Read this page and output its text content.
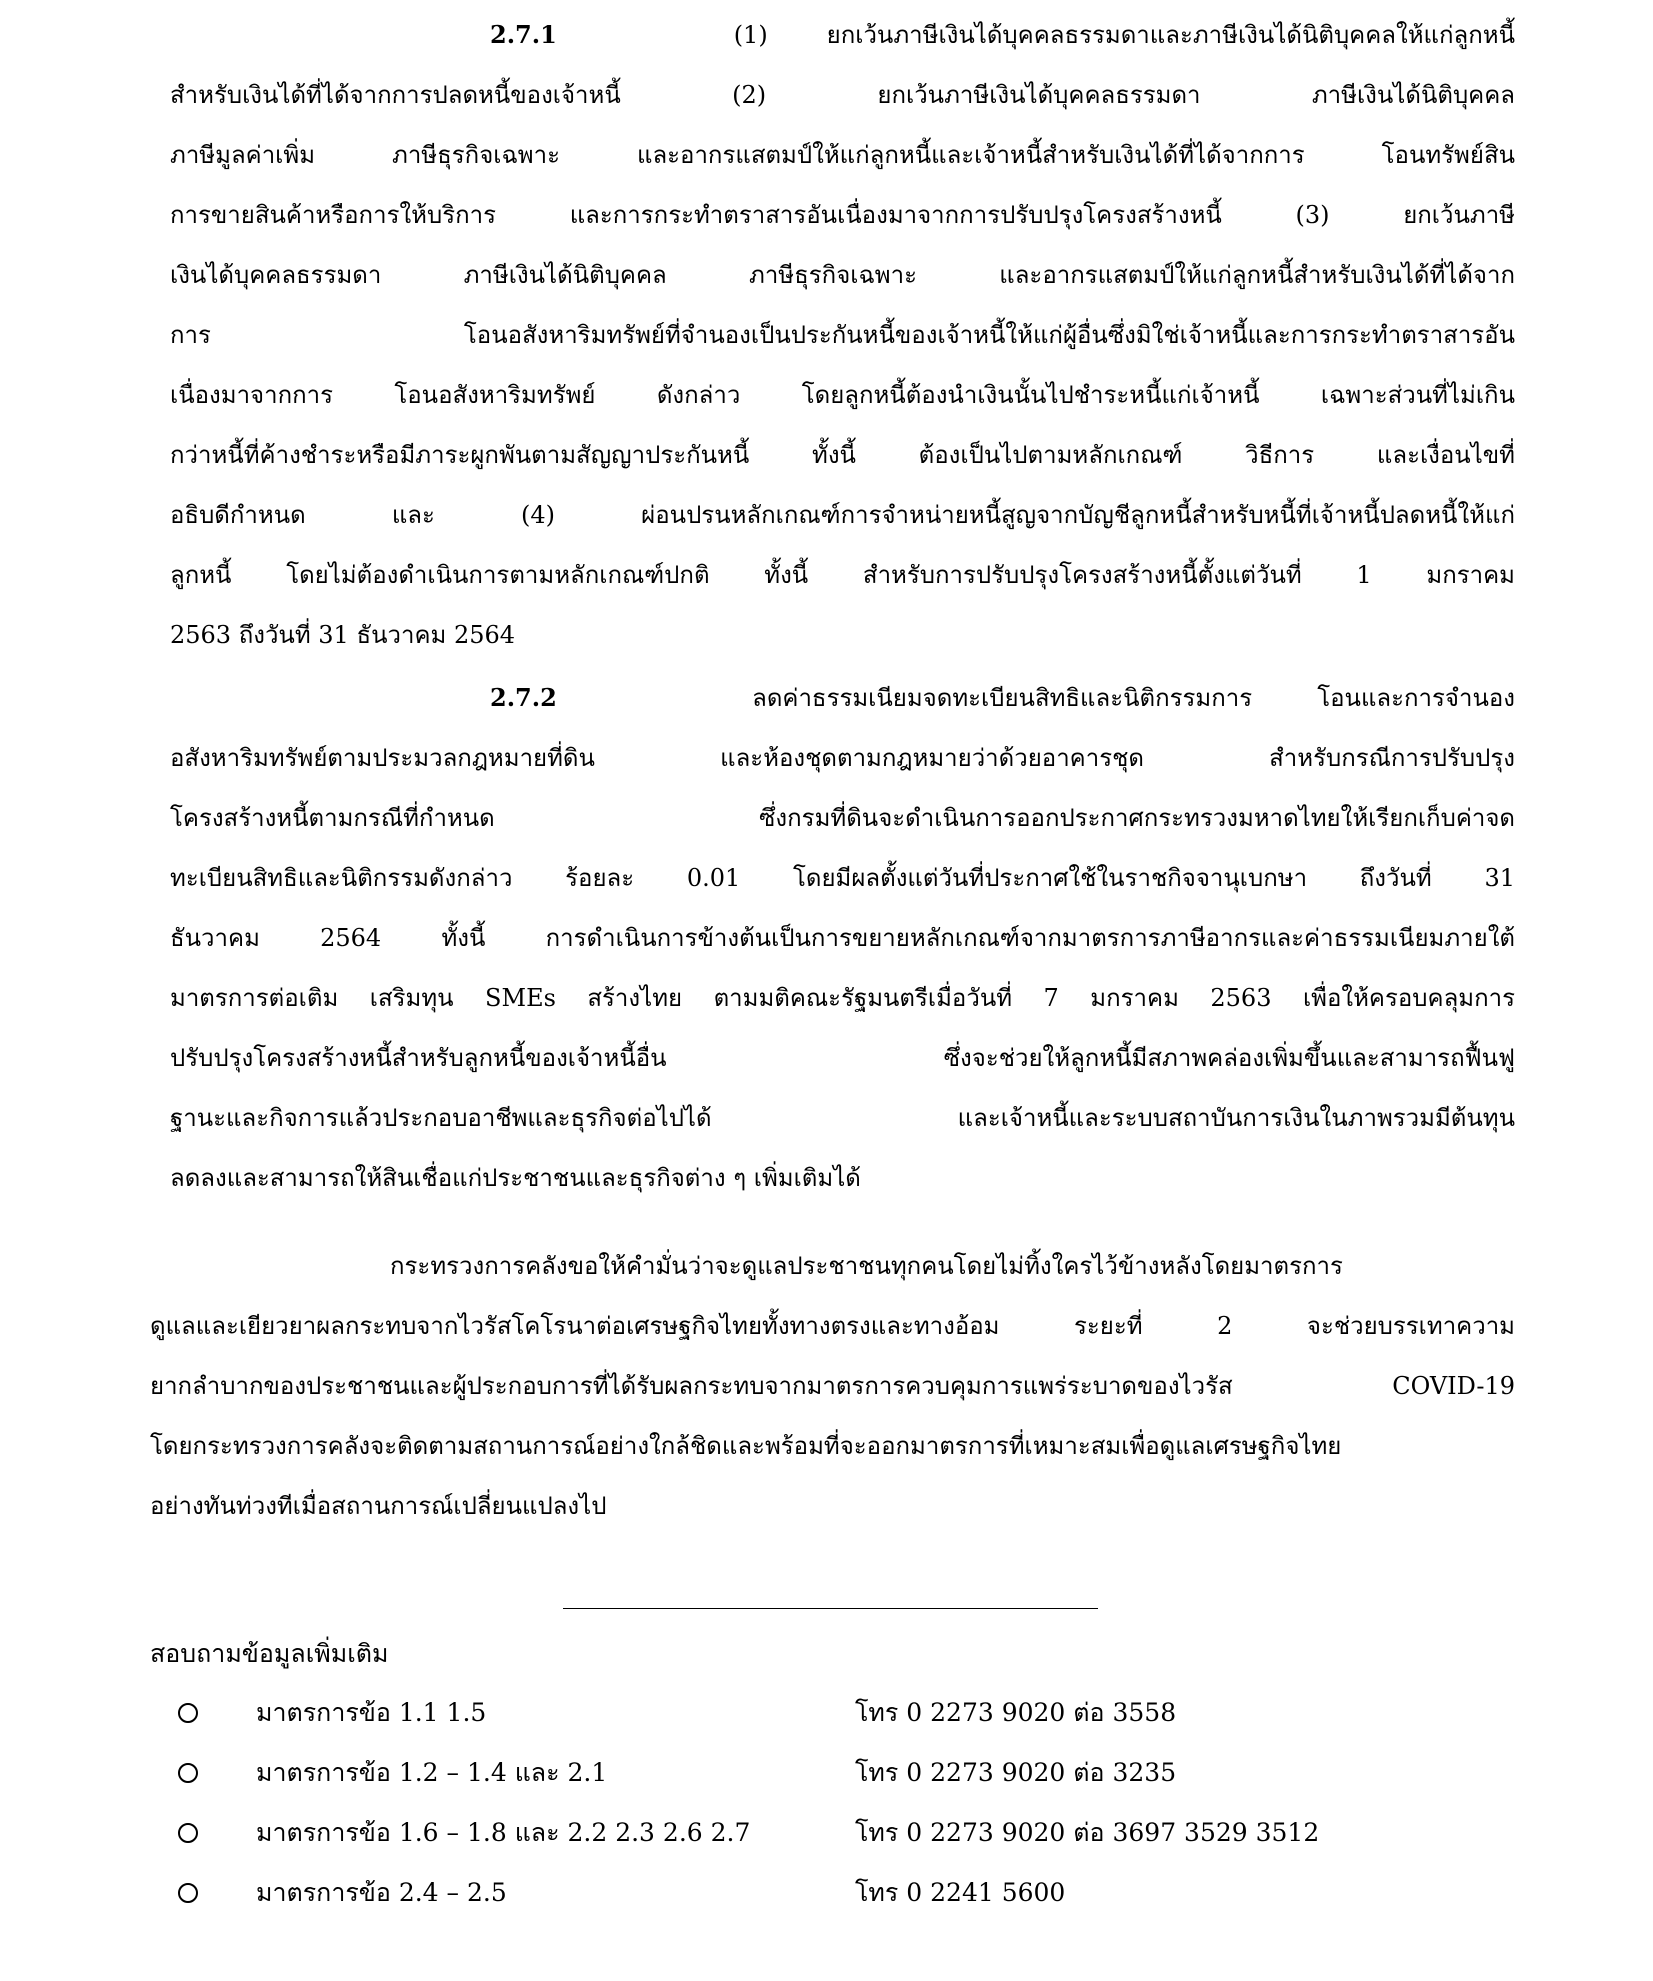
2.7.1	(1) ยกเว้นภาษีเงินได้บุคคลธรรมดาและภาษีเงินได้นิติบุคคลให้แก่ลูกหนี้
สำหรับเงินได้ที่ได้จากการปลดหนี้ของเจ้าหนี้ (2) ยกเว้นภาษีเงินได้บุคคลธรรมดา ภาษีเงินได้นิติบุคคล
ภาษีมูลค่าเพิ่ม ภาษีธุรกิจเฉพาะ และอากรแสตมป์ให้แก่ลูกหนี้และเจ้าหนี้สำหรับเงินได้ที่ได้จากการ โอนทรัพย์สิน
การขายสินค้าหรือการให้บริการ และการกระทำตราสารอันเนื่องมาจากการปรับปรุงโครงสร้างหนี้ (3) ยกเว้นภาษี
เงินได้บุคคลธรรมดา ภาษีเงินได้นิติบุคคล ภาษีธุรกิจเฉพาะ และอากรแสตมป์ให้แก่ลูกหนี้สำหรับเงินได้ที่ได้จาก
การ โอนอสังหาริมทรัพย์ที่จำนองเป็นประกันหนี้ของเจ้าหนี้ให้แก่ผู้อื่นซึ่งมิใช่เจ้าหนี้และการกระทำตราสารอัน
เนื่องมาจากการ โอนอสังหาริมทรัพย์ ดังกล่าว โดยลูกหนี้ต้องนำเงินนั้นไปชำระหนี้แก่เจ้าหนี้ เฉพาะส่วนที่ไม่เกิน
กว่าหนี้ที่ค้างชำระหรือมีภาระผูกพันตามสัญญาประกันหนี้ ทั้งนี้ ต้องเป็นไปตามหลักเกณฑ์ วิธีการ และเงื่อนไขที่
อธิบดีกำหนด และ (4) ผ่อนปรนหลักเกณฑ์การจำหน่ายหนี้สูญจากบัญชีลูกหนี้สำหรับหนี้ที่เจ้าหนี้ปลดหนี้ให้แก่
ลูกหนี้ โดยไม่ต้องดำเนินการตามหลักเกณฑ์ปกติ ทั้งนี้ สำหรับการปรับปรุงโครงสร้างหนี้ตั้งแต่วันที่ 1 มกราคม
2563 ถึงวันที่ 31 ธันวาคม 2564
2.7.2	ลดค่าธรรมเนียมจดทะเบียนสิทธิและนิติกรรมการ โอนและการจำนอง
อสังหาริมทรัพย์ตามประมวลกฎหมายที่ดิน และห้องชุดตามกฎหมายว่าด้วยอาคารชุด สำหรับกรณีการปรับปรุง
โครงสร้างหนี้ตามกรณีที่กำหนด ซึ่งกรมที่ดินจะดำเนินการออกประกาศกระทรวงมหาดไทยให้เรียกเก็บค่าจด
ทะเบียนสิทธิและนิติกรรมดังกล่าว ร้อยละ 0.01 โดยมีผลตั้งแต่วันที่ประกาศใช้ในราชกิจจานุเบกษา ถึงวันที่ 31
ธันวาคม 2564 ทั้งนี้ การดำเนินการข้างต้นเป็นการขยายหลักเกณฑ์จากมาตรการภาษีอากรและค่าธรรมเนียมภายใต้
มาตรการต่อเติม เสริมทุน SMEs สร้างไทย ตามมติคณะรัฐมนตรีเมื่อวันที่ 7 มกราคม 2563 เพื่อให้ครอบคลุมการ
ปรับปรุงโครงสร้างหนี้สำหรับลูกหนี้ของเจ้าหนี้อื่น ซึ่งจะช่วยให้ลูกหนี้มีสภาพคล่องเพิ่มขึ้นและสามารถฟื้นฟู
ฐานะและกิจการแล้วประกอบอาชีพและธุรกิจต่อไปได้ และเจ้าหนี้และระบบสถาบันการเงินในภาพรวมมีต้นทุน
ลดลงและสามารถให้สินเชื่อแก่ประชาชนและธุรกิจต่าง ๆ เพิ่มเติมได้
กระทรวงการคลังขอให้คำมั่นว่าจะดูแลประชาชนทุกคนโดยไม่ทิ้งใครไว้ข้างหลังโดยมาตรการ
ดูแลและเยียวยาผลกระทบจากไวรัสโคโรนาต่อเศรษฐกิจไทยทั้งทางตรงและทางอ้อม ระยะที่ 2 จะช่วยบรรเทาความ
ยากลำบากของประชาชนและผู้ประกอบการที่ได้รับผลกระทบจากมาตรการควบคุมการแพร่ระบาดของไวรัส COVID-19
โดยกระทรวงการคลังจะติดตามสถานการณ์อย่างใกล้ชิดและพร้อมที่จะออกมาตรการที่เหมาะสมเพื่อดูแลเศรษฐกิจไทย
อย่างทันท่วงทีเมื่อสถานการณ์เปลี่ยนแปลงไป
สอบถามข้อมูลเพิ่มเติม
มาตรการข้อ 1.1 1.5	โทร 0 2273 9020 ต่อ 3558
มาตรการข้อ 1.2 – 1.4 และ 2.1	โทร 0 2273 9020 ต่อ 3235
มาตรการข้อ 1.6 – 1.8 และ 2.2 2.3 2.6 2.7	โทร 0 2273 9020 ต่อ 3697 3529 3512
มาตรการข้อ 2.4 – 2.5	โทร 0 2241 5600
